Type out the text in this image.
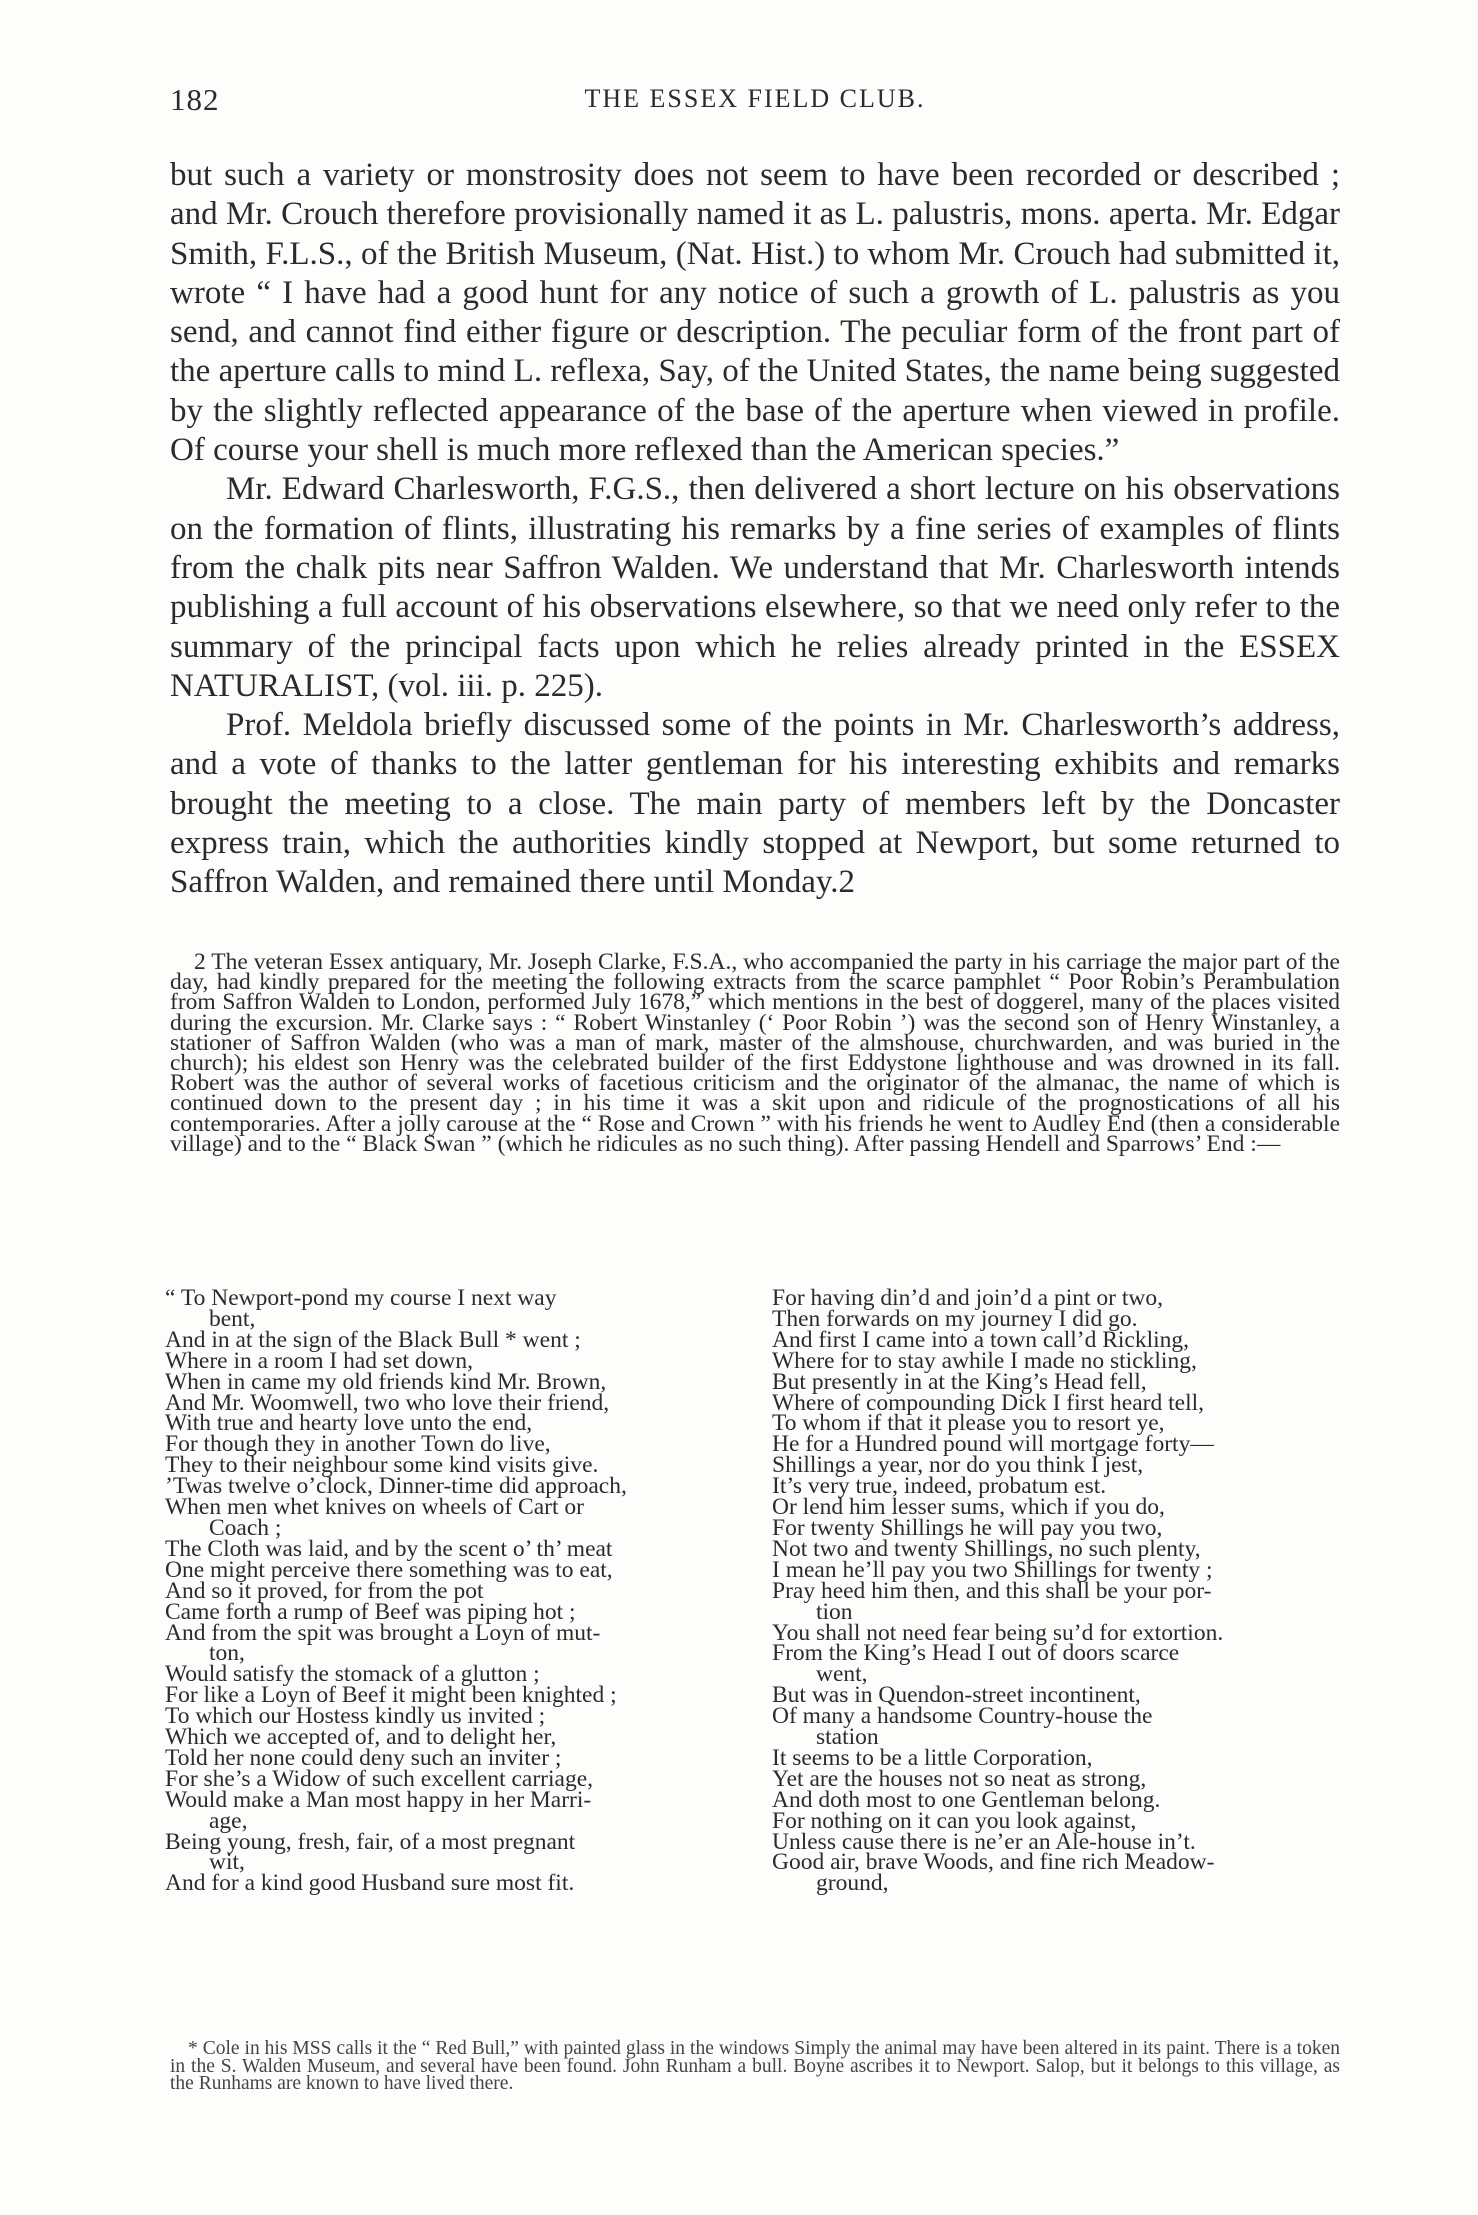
182	THE ESSEX FIELD CLUB.

but such a variety or monstrosity does not seem to have been recorded or described ; and Mr. Crouch therefore provisionally named it as L. palustris, mons. aperta. Mr. Edgar Smith, F.L.S., of the British Museum, (Nat. Hist.) to whom Mr. Crouch had submitted it, wrote “ I have had a good hunt for any notice of such a growth of L. palustris as you send, and cannot find either figure or description. The peculiar form of the front part of the aperture calls to mind L. reflexa, Say, of the United States, the name being suggested by the slightly reflected appearance of the base of the aperture when viewed in profile. Of course your shell is much more reflexed than the American species.”

Mr. Edward Charlesworth, F.G.S., then delivered a short lecture on his observations on the formation of flints, illustrating his remarks by a fine series of examples of flints from the chalk pits near Saffron Walden. We understand that Mr. Charlesworth intends publishing a full account of his observations elsewhere, so that we need only refer to the summary of the principal facts upon which he relies already printed in the ESSEX NATURALIST, (vol. iii. p. 225).

Prof. Meldola briefly discussed some of the points in Mr. Charlesworth’s address, and a vote of thanks to the latter gentleman for his interesting exhibits and remarks brought the meeting to a close. The main party of members left by the Doncaster express train, which the authorities kindly stopped at Newport, but some returned to Saffron Walden, and remained there until Monday.2

2 The veteran Essex antiquary, Mr. Joseph Clarke, F.S.A., who accompanied the party in his carriage the major part of the day, had kindly prepared for the meeting the following extracts from the scarce pamphlet “ Poor Robin’s Perambulation from Saffron Walden to London, performed July 1678,” which mentions in the best of doggerel, many of the places visited during the excursion. Mr. Clarke says : “ Robert Winstanley (‘ Poor Robin ’) was the second son of Henry Winstanley, a stationer of Saffron Walden (who was a man of mark, master of the almshouse, churchwarden, and was buried in the church); his eldest son Henry was the celebrated builder of the first Eddystone lighthouse and was drowned in its fall. Robert was the author of several works of facetious criticism and the originator of the almanac, the name of which is continued down to the present day ; in his time it was a skit upon and ridicule of the prognostications of all his contemporaries. After a jolly carouse at the “ Rose and Crown ” with his friends he went to Audley End (then a considerable village) and to the “ Black Swan ” (which he ridicules as no such thing). After passing Hendell and Sparrows’ End :—

“ To Newport-pond my course I next way
bent,
And in at the sign of the Black Bull * went ;
Where in a room I had set down,
When in came my old friends kind Mr. Brown,
And Mr. Woomwell, two who love their friend,
With true and hearty love unto the end,
For though they in another Town do live,
They to their neighbour some kind visits give.
’Twas twelve o’clock, Dinner-time did approach,
When men whet knives on wheels of Cart or
Coach ;
The Cloth was laid, and by the scent o’ th’ meat
One might perceive there something was to eat,
And so it proved, for from the pot
Came forth a rump of Beef was piping hot ;
And from the spit was brought a Loyn of mut-
ton,
Would satisfy the stomack of a glutton ;
For like a Loyn of Beef it might been knighted ;
To which our Hostess kindly us invited ;
Which we accepted of, and to delight her,
Told her none could deny such an inviter ;
For she’s a Widow of such excellent carriage,
Would make a Man most happy in her Marri-
age,
Being young, fresh, fair, of a most pregnant
wit,
And for a kind good Husband sure most fit.
For having din’d and join’d a pint or two,
Then forwards on my journey I did go.
And first I came into a town call’d Rickling,
Where for to stay awhile I made no stickling,
But presently in at the King’s Head fell,
Where of compounding Dick I first heard tell,
To whom if that it please you to resort ye,
He for a Hundred pound will mortgage forty—
Shillings a year, nor do you think I jest,
It’s very true, indeed, probatum est.
Or lend him lesser sums, which if you do,
For twenty Shillings he will pay you two,
Not two and twenty Shillings, no such plenty,
I mean he’ll pay you two Shillings for twenty ;
Pray heed him then, and this shall be your por-
tion
You shall not need fear being su’d for extortion.
From the King’s Head I out of doors scarce
went,
But was in Quendon-street incontinent,
Of many a handsome Country-house the
station
It seems to be a little Corporation,
Yet are the houses not so neat as strong,
And doth most to one Gentleman belong.
For nothing on it can you look against,
Unless cause there is ne’er an Ale-house in’t.
Good air, brave Woods, and fine rich Meadow-
ground,

* Cole in his MSS calls it the “ Red Bull,” with painted glass in the windows Simply the animal may have been altered in its paint. There is a token in the S. Walden Museum, and several have been found. John Runham a bull. Boyne ascribes it to Newport. Salop, but it belongs to this village, as the Runhams are known to have lived there.
